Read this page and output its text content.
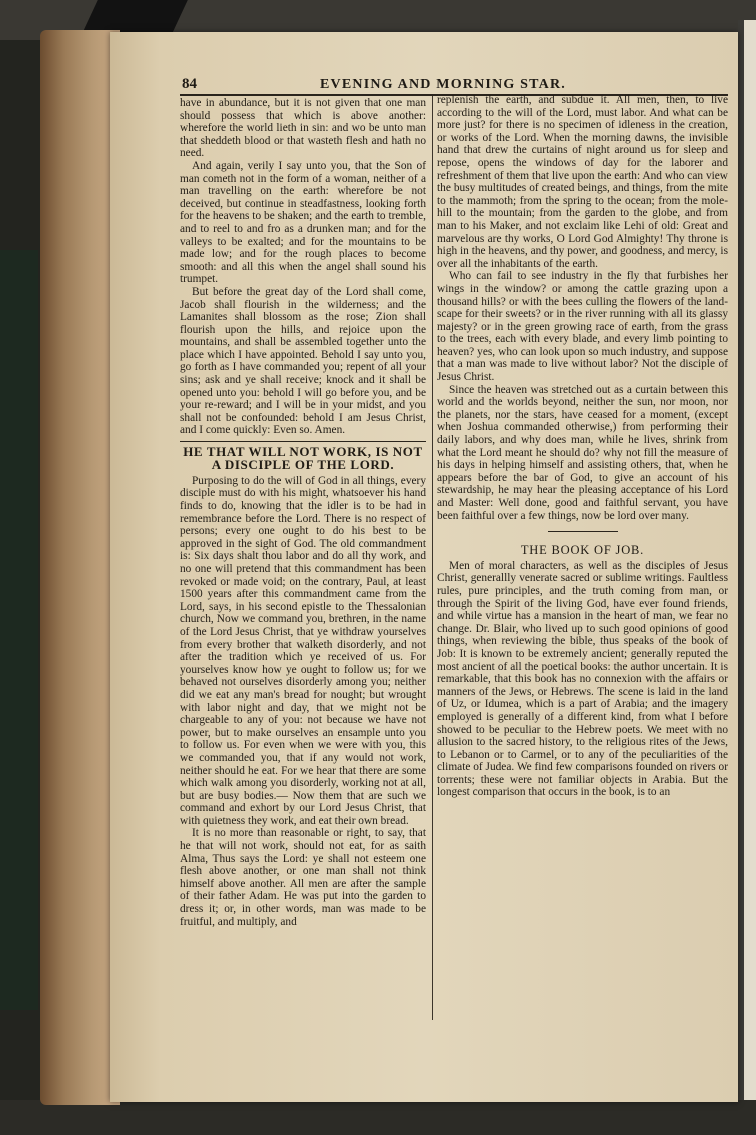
84	EVENING AND MORNING STAR.

have in abundance, but it is not given that one man should possess that which is above another: wherefore the world lieth in sin: and wo be unto man that sheddeth blood or that wasteth flesh and hath no need.

And again, verily I say unto you, that the Son of man cometh not in the form of a woman, neither of a man travelling on the earth: wherefore be not deceived, but continue in steadfastness, looking forth for the heavens to be shaken; and the earth to tremble, and to reel to and fro as a drunken man; and for the valleys to be exalted; and for the mountains to be made low; and for the rough places to become smooth: and all this when the angel shall sound his trumpet.

But before the great day of the Lord shall come, Jacob shall flourish in the wilderness; and the Lamanites shall blossom as the rose; Zion shall flourish upon the hills, and rejoice upon the mountains, and shall be assembled together unto the place which I have appointed. Behold I say unto you, go forth as I have commanded you; repent of all your sins; ask and ye shall receive; knock and it shall be opened unto you: behold I will go before you, and be your re-reward; and I will be in your midst, and you shall not be confounded: behold I am Jesus Christ, and I come quickly: Even so. Amen.

HE THAT WILL NOT WORK, IS NOT A DISCIPLE OF THE LORD.

Purposing to do the will of God in all things, every disciple must do with his might, whatsoever his hand finds to do, knowing that the idler is to be had in remembrance before the Lord. There is no respect of persons; every one ought to do his best to be approved in the sight of God. The old commandment is: Six days shalt thou labor and do all thy work, and no one will pretend that this commandment has been revoked or made void; on the contrary, Paul, at least 1500 years after this commandment came from the Lord, says, in his second epistle to the Thessalonian church, Now we command you, brethren, in the name of the Lord Jesus Christ, that ye withdraw yourselves from every brother that walketh disorderly, and not after the tradition which ye received of us. For yourselves know how ye ought to follow us; for we behaved not ourselves disorderly among you; neither did we eat any man's bread for nought; but wrought with labor night and day, that we might not be chargeable to any of you: not because we have not power, but to make ourselves an ensample unto you to follow us. For even when we were with you, this we commanded you, that if any would not work, neither should he eat. For we hear that there are some which walk among you disorderly, working not at all, but are busy bodies.— Now them that are such we command and exhort by our Lord Jesus Christ, that with quietness they work, and eat their own bread.

It is no more than reasonable or right, to say, that he that will not work, should not eat, for as saith Alma, Thus says the Lord: ye shall not esteem one flesh above another, or one man shall not think himself above another. All men are after the sample of their father Adam. He was put into the garden to dress it; or, in other words, man was made to be fruitful, and multiply, and

replenish the earth, and subdue it. All men, then, to live according to the will of the Lord, must labor. And what can be more just? for there is no specimen of idleness in the creation, or works of the Lord. When the morning dawns, the invisible hand that drew the curtains of night around us for sleep and repose, opens the windows of day for the laborer and refreshment of them that live upon the earth: And who can view the busy multitudes of created beings, and things, from the mite to the mammoth; from the spring to the ocean; from the mole-hill to the mountain; from the garden to the globe, and from man to his Maker, and not exclaim like Lehi of old: Great and marvelous are thy works, O Lord God Almighty! Thy throne is high in the heavens, and thy power, and goodness, and mercy, is over all the inhabitants of the earth.

Who can fail to see industry in the fly that furbishes her wings in the window? or among the cattle grazing upon a thousand hills? or with the bees culling the flowers of the land-scape for their sweets? or in the river running with all its glassy majesty? or in the green growing race of earth, from the grass to the trees, each with every blade, and every limb pointing to heaven? yes, who can look upon so much industry, and suppose that a man was made to live without labor? Not the disciple of Jesus Christ.

Since the heaven was stretched out as a curtain between this world and the worlds beyond, neither the sun, nor moon, nor the planets, nor the stars, have ceased for a moment, (except when Joshua commanded otherwise,) from performing their daily labors, and why does man, while he lives, shrink from what the Lord meant he should do? why not fill the measure of his days in helping himself and assisting others, that, when he appears before the bar of God, to give an account of his stewardship, he may hear the pleasing acceptance of his Lord and Master: Well done, good and faithful servant, you have been faithful over a few things, now be lord over many.

THE BOOK OF JOB.

Men of moral characters, as well as the disciples of Jesus Christ, generallly venerate sacred or sublime writings. Faultless rules, pure principles, and the truth coming from man, or through the Spirit of the living God, have ever found friends, and while virtue has a mansion in the heart of man, we fear no change. Dr. Blair, who lived up to such good opinions of good things, when reviewing the bible, thus speaks of the book of Job: It is known to be extremely ancient; generally reputed the most ancient of all the poetical books: the author uncertain. It is remarkable, that this book has no connexion with the affairs or manners of the Jews, or Hebrews. The scene is laid in the land of Uz, or Idumea, which is a part of Arabia; and the imagery employed is generally of a different kind, from what I before showed to be peculiar to the Hebrew poets. We meet with no allusion to the sacred history, to the religious rites of the Jews, to Lebanon or to Carmel, or to any of the peculiarities of the climate of Judea. We find few comparisons founded on rivers or torrents; these were not familiar objects in Arabia. But the longest comparison that occurs in the book, is to an
